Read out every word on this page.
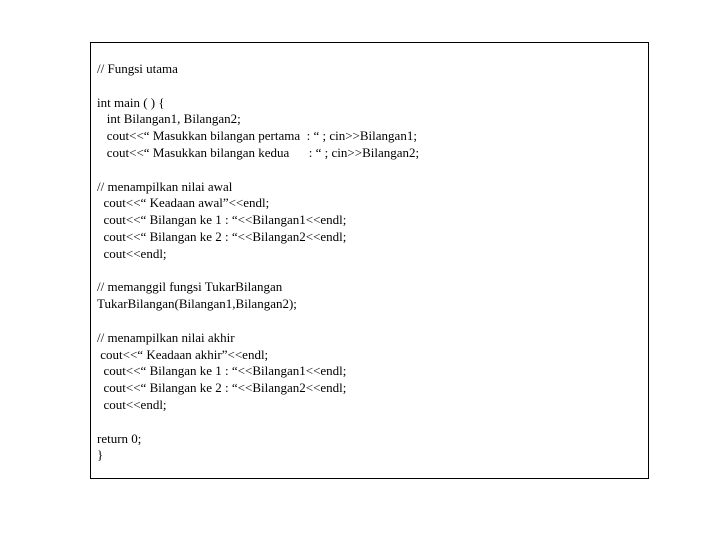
// Fungsi utama
int main ( ) {
int Bilangan1, Bilangan2;
cout<<“ Masukkan bilangan pertama  : “ ; cin>>Bilangan1;
cout<<“ Masukkan bilangan kedua      : “ ; cin>>Bilangan2;
// menampilkan nilai awal
cout<<“ Keadaan awal”<<endl;
cout<<“ Bilangan ke 1 : “<<Bilangan1<<endl;
cout<<“ Bilangan ke 2 : “<<Bilangan2<<endl;
cout<<endl;
// memanggil fungsi TukarBilangan
TukarBilangan(Bilangan1,Bilangan2);
// menampilkan nilai akhir
cout<<“ Keadaan akhir”<<endl;
cout<<“ Bilangan ke 1 : “<<Bilangan1<<endl;
cout<<“ Bilangan ke 2 : “<<Bilangan2<<endl;
cout<<endl;
return 0;
}
